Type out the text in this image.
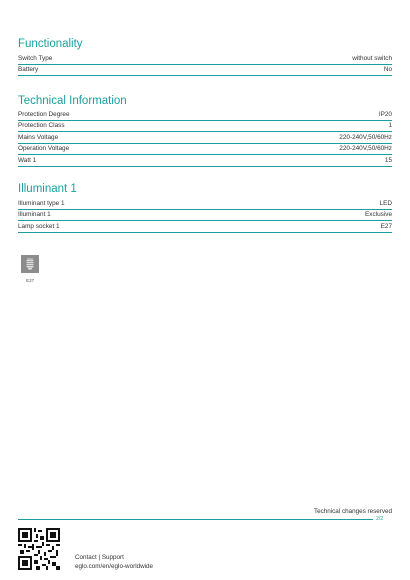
Functionality
Switch Type	without switch
Battery	No
Technical Information
Protection Degree	IP20
Protection Class	1
Mains Voltage	220-240V,50/60Hz
Operation Voltage	220-240V,50/60Hz
Watt 1	15
Illuminant 1
Illuminant type 1	LED
Illuminant 1	Exclusive
Lamp socket 1	E27
E27
Technical changes reserved
2/2
Contact | Support
eglo.com/en/eglo-worldwide
